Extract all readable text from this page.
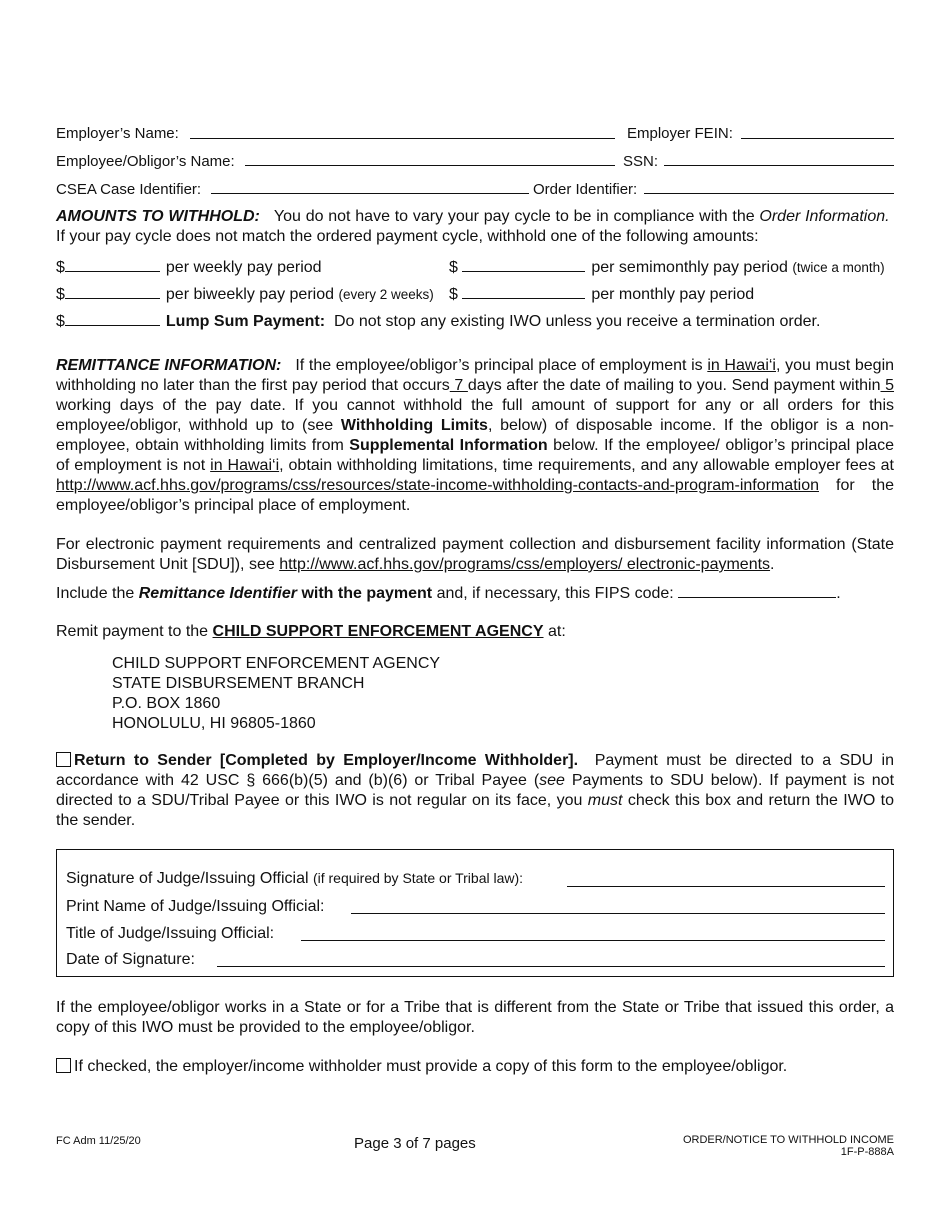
Employer’s Name:	Employer FEIN:
Employee/Obligor’s Name:	SSN:
CSEA Case Identifier:	Order Identifier:
AMOUNTS TO WITHHOLD: You do not have to vary your pay cycle to be in compliance with the Order Information.  If your pay cycle does not match the ordered payment cycle, withhold one of the following amounts:
$	per weekly pay period	$	per semimonthly pay period (twice a month)
$	per biweekly pay period (every 2 weeks) $	per monthly pay period
$	Lump Sum Payment: Do not stop any existing IWO unless you receive a termination order.
REMITTANCE INFORMATION: If the employee/obligor’s principal place of employment is in Hawai‘i, you must begin withholding no later than the first pay period that occurs 7 days after the date of mailing to you. Send payment within 5 working days of the pay date. If you cannot withhold the full amount of support for any or all orders for this employee/obligor, withhold up to (see Withholding Limits, below) of disposable income. If the obligor is a non-employee, obtain withholding limits from Supplemental Information below. If the employee/ obligor’s principal place of employment is not in Hawai‘i, obtain withholding limitations, time requirements, and any allowable employer fees at http://www.acf.hhs.gov/programs/css/resources/state-income-withholding-contacts-and-program-information for the employee/obligor’s principal place of employment.
For electronic payment requirements and centralized payment collection and disbursement facility information (State Disbursement Unit [SDU]), see http://www.acf.hhs.gov/programs/css/employers/ electronic-payments.
Include the Remittance Identifier with the payment and, if necessary, this FIPS code:	.
Remit payment to the CHILD SUPPORT ENFORCEMENT AGENCY at:
CHILD SUPPORT ENFORCEMENT AGENCY
STATE DISBURSEMENT BRANCH
P.O. BOX 1860
HONOLULU, HI 96805-1860
Return to Sender [Completed by Employer/Income Withholder]. Payment must be directed to a SDU in accordance with 42 USC § 666(b)(5) and (b)(6) or Tribal Payee (see Payments to SDU below). If payment is not directed to a SDU/Tribal Payee or this IWO is not regular on its face, you must check this box and return the IWO to the sender.
Signature of Judge/Issuing Official (if required by State or Tribal law):
Print Name of Judge/Issuing Official:
Title of Judge/Issuing Official:
Date of Signature:
If the employee/obligor works in a State or for a Tribe that is different from the State or Tribe that issued this order, a copy of this IWO must be provided to the employee/obligor.
If checked, the employer/income withholder must provide a copy of this form to the employee/obligor.
FC Adm 11/25/20	Page 3 of 7 pages	ORDER/NOTICE TO WITHHOLD INCOME
1F-P-888A
